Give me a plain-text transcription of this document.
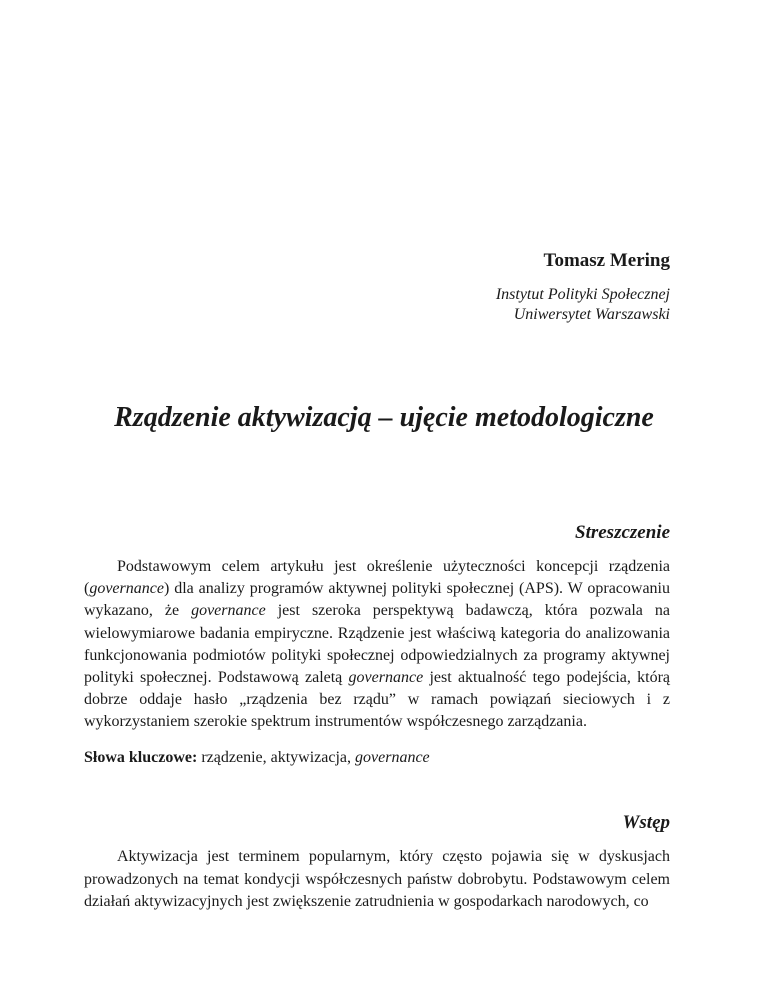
Tomasz Mering

Instytut Polityki Społecznej
Uniwersytet Warszawski
Rządzenie aktywizacją – ujęcie metodologiczne
Streszczenie

Podstawowym celem artykułu jest określenie użyteczności koncepcji rządzenia (governance) dla analizy programów aktywnej polityki społecznej (APS). W opracowaniu wykazano, że governance jest szeroka perspektywą badawczą, która pozwala na wielowymiarowe badania empiryczne. Rządzenie jest właściwą kategoria do analizowania funkcjonowania podmiotów polityki społecznej odpowiedzialnych za programy aktywnej polityki społecznej. Podstawową zaletą governance jest aktualność tego podejścia, którą dobrze oddaje hasło „rządzenia bez rządu” w ramach powiązań sieciowych i z wykorzystaniem szerokie spektrum instrumentów współczesnego zarządzania.

Słowa kluczowe: rządzenie, aktywizacja, governance

Wstęp

Aktywizacja jest terminem popularnym, który często pojawia się w dyskusjach prowadzonych na temat kondycji współczesnych państw dobrobytu. Podstawowym celem działań aktywizacyjnych jest zwiększenie zatrudnienia w gospodarkach narodowych, co
